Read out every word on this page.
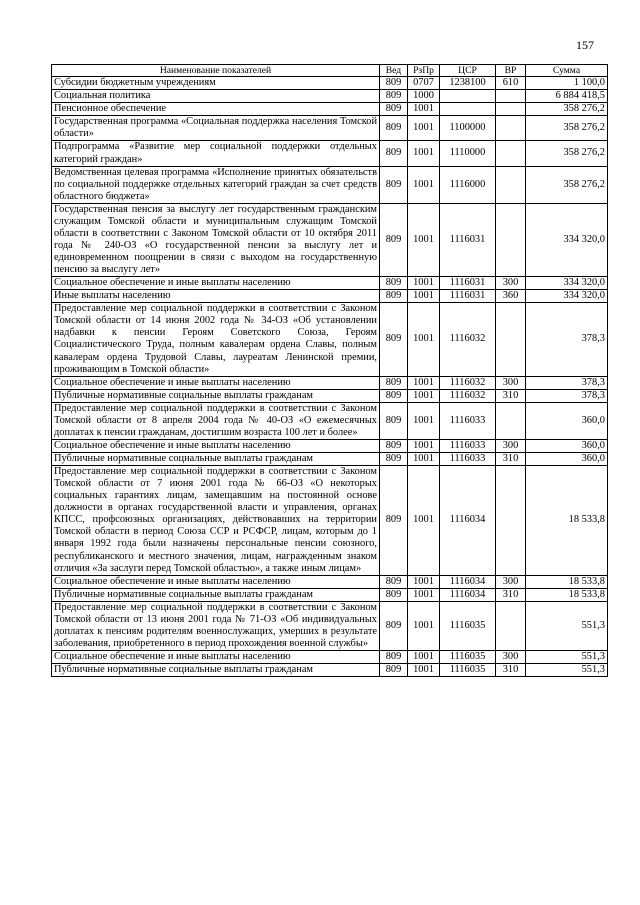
157
Наименование показателей	Вед	РзПр	ЦСР	ВР	Сумма
Субсидии бюджетным учреждениям	809	0707	1238100	610	1 100,0
Социальная политика	809	1000			6 884 418,5
Пенсионное обеспечение	809	1001			358 276,2
Государственная программа «Социальная поддержка населения Томской области»	809	1001	1100000		358 276,2
Подпрограмма «Развитие мер социальной поддержки отдельных категорий граждан»	809	1001	1110000		358 276,2
Ведомственная целевая программа «Исполнение принятых обязательств по социальной поддержке отдельных категорий граждан за счет средств областного бюджета»	809	1001	1116000		358 276,2
Государственная пенсия за выслугу лет государственным гражданским служащим Томской области и муниципальным служащим Томской области в соответствии с Законом Томской области от 10 октября 2011 года № 240-ОЗ «О государственной пенсии за выслугу лет и единовременном поощрении в связи с выходом на государственную пенсию за выслугу лет»	809	1001	1116031		334 320,0
Социальное обеспечение и иные выплаты населению	809	1001	1116031	300	334 320,0
Иные выплаты населению	809	1001	1116031	360	334 320,0
Предоставление мер социальной поддержки в соответствии с Законом Томской области от 14 июня 2002 года № 34-ОЗ «Об установлении надбавки к пенсии Героям Советского Союза, Героям Социалистического Труда, полным кавалерам ордена Славы, полным кавалерам ордена Трудовой Славы, лауреатам Ленинской премии, проживающим в Томской области»	809	1001	1116032		378,3
Социальное обеспечение и иные выплаты населению	809	1001	1116032	300	378,3
Публичные нормативные социальные выплаты гражданам	809	1001	1116032	310	378,3
Предоставление мер социальной поддержки в соответствии с Законом Томской области от 8 апреля 2004 года № 40-ОЗ «О ежемесячных доплатах к пенсии гражданам, достигшим возраста 100 лет и более»	809	1001	1116033		360,0
Социальное обеспечение и иные выплаты населению	809	1001	1116033	300	360,0
Публичные нормативные социальные выплаты гражданам	809	1001	1116033	310	360,0
Предоставление мер социальной поддержки в соответствии с Законом Томской области от 7 июня 2001 года № 66-ОЗ «О некоторых социальных гарантиях лицам, замещавшим на постоянной основе должности в органах государственной власти и управления, органах КПСС, профсоюзных организациях, действовавших на территории Томской области в период Союза ССР и РСФСР, лицам, которым до 1 января 1992 года были назначены персональные пенсии союзного, республиканского и местного значения, лицам, награжденным знаком отличия «За заслуги перед Томской областью», а также иным лицам»	809	1001	1116034		18 533,8
Социальное обеспечение и иные выплаты населению	809	1001	1116034	300	18 533,8
Публичные нормативные социальные выплаты гражданам	809	1001	1116034	310	18 533,8
Предоставление мер социальной поддержки в соответствии с Законом Томской области от 13 июня 2001 года № 71-ОЗ «Об индивидуальных доплатах к пенсиям родителям военнослужащих, умерших в результате заболевания, приобретенного в период прохождения военной службы»	809	1001	1116035		551,3
Социальное обеспечение и иные выплаты населению	809	1001	1116035	300	551,3
Публичные нормативные социальные выплаты гражданам	809	1001	1116035	310	551,3
